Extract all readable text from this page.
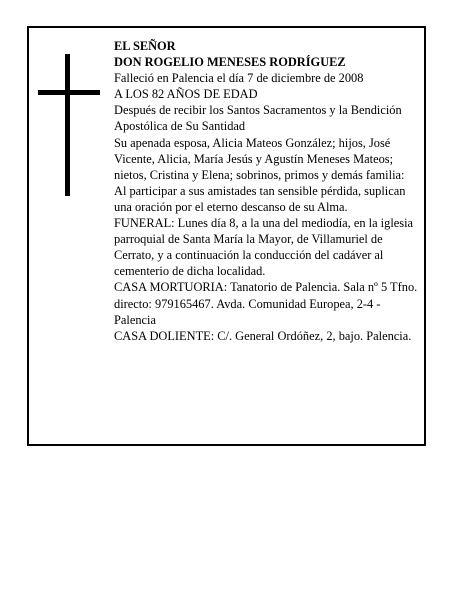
EL SEÑOR

DON ROGELIO MENESES RODRÍGUEZ

Falleció en Palencia el día 7 de diciembre de 2008

A LOS 82 AÑOS DE EDAD

Después de recibir los Santos Sacramentos y la Bendición Apostólica de Su Santidad

Su apenada esposa, Alicia Mateos González; hijos, José Vicente, Alicia, María Jesús y Agustín Meneses Mateos; nietos, Cristina y Elena; sobrinos, primos y demás familia:

Al participar a sus amistades tan sensible pérdida, suplican una oración por el eterno descanso de su Alma.

FUNERAL: Lunes día 8, a la una del mediodía, en la iglesia parroquial de Santa María la Mayor, de Villamuriel de Cerrato, y a continuación la conducción del cadáver al cementerio de dicha localidad.

CASA MORTUORIA: Tanatorio de Palencia. Sala nº 5 Tfno. directo: 979165467. Avda. Comunidad Europea, 2-4 - Palencia

CASA DOLIENTE: C/. General Ordóñez, 2, bajo. Palencia.
